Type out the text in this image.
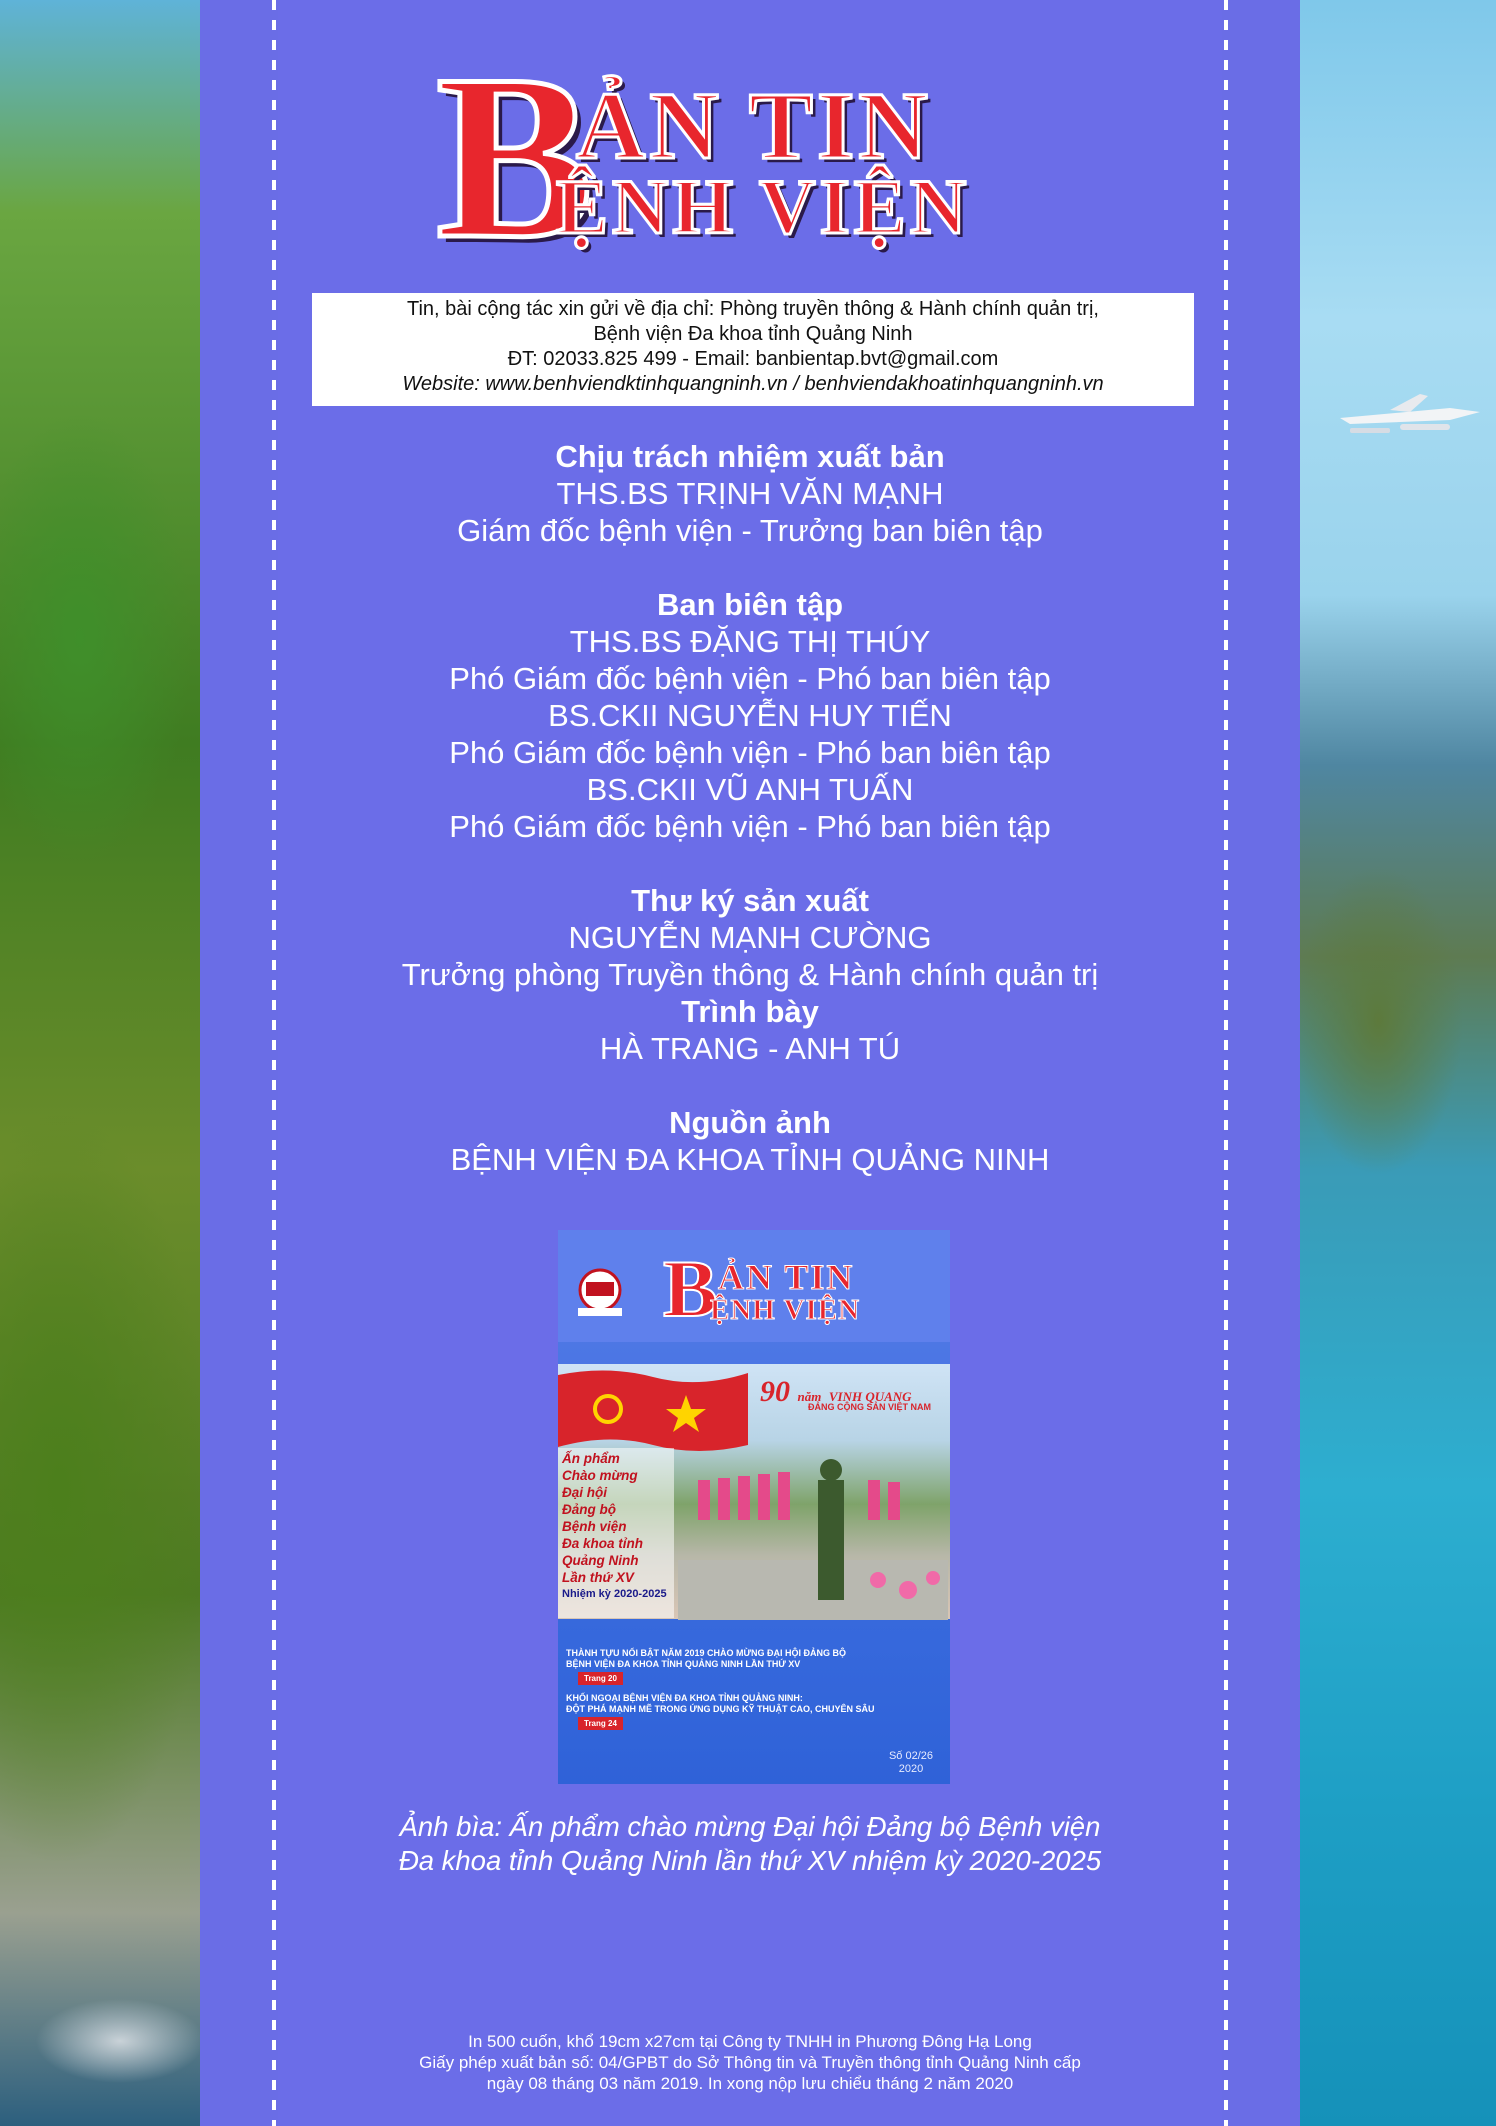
B
ẢN TIN
ỆNH VIỆN
Tin, bài cộng tác xin gửi về địa chỉ: Phòng truyền thông & Hành chính quản trị,
Bệnh viện Đa khoa tỉnh Quảng Ninh
ĐT: 02033.825 499 - Email: banbientap.bvt@gmail.com
Website: www.benhviendktinhquangninh.vn / benhviendakhoatinhquangninh.vn
Chịu trách nhiệm xuất bản
THS.BS TRỊNH VĂN MẠNH
Giám đốc bệnh viện - Trưởng ban biên tập
Ban biên tập
THS.BS ĐẶNG THỊ THÚY
Phó Giám đốc bệnh viện - Phó ban biên tập
BS.CKII NGUYỄN HUY TIẾN
Phó Giám đốc bệnh viện - Phó ban biên tập
BS.CKII VŨ ANH TUẤN
Phó Giám đốc bệnh viện - Phó ban biên tập
Thư ký sản xuất
NGUYỄN MẠNH CƯỜNG
Trưởng phòng Truyền thông & Hành chính quản trị
Trình bày
HÀ TRANG - ANH TÚ
Nguồn ảnh
BỆNH VIỆN ĐA KHOA TỈNH QUẢNG NINH
B ẢN TIN
ỆNH VIỆN
90 năm VINH QUANG
ĐẢNG CỘNG SẢN VIỆT NAM
Ấn phẩm
Chào mừng
Đại hội
Đảng bộ
Bệnh viện
Đa khoa tỉnh
Quảng Ninh
Lần thứ XV
Nhiệm kỳ 2020-2025
THÀNH TỰU NỔI BẬT NĂM 2019 CHÀO MỪNG ĐẠI HỘI ĐẢNG BỘ
BỆNH VIỆN ĐA KHOA TỈNH QUẢNG NINH LẦN THỨ XV
Trang 20
KHỐI NGOẠI BỆNH VIỆN ĐA KHOA TỈNH QUẢNG NINH:
ĐỘT PHÁ MẠNH MẼ TRONG ỨNG DỤNG KỸ THUẬT CAO, CHUYÊN SÂU
Trang 24
Số 02/26
2020
Ảnh bìa: Ấn phẩm chào mừng Đại hội Đảng bộ Bệnh viện
Đa khoa tỉnh Quảng Ninh lần thứ XV nhiệm kỳ 2020-2025
In 500 cuốn, khổ 19cm x27cm tại Công ty TNHH in Phương Đông Hạ Long
Giấy phép xuất bản số: 04/GPBT do Sở Thông tin và Truyền thông tỉnh Quảng Ninh cấp
ngày 08 tháng 03 năm 2019. In xong nộp lưu chiểu tháng 2 năm 2020
